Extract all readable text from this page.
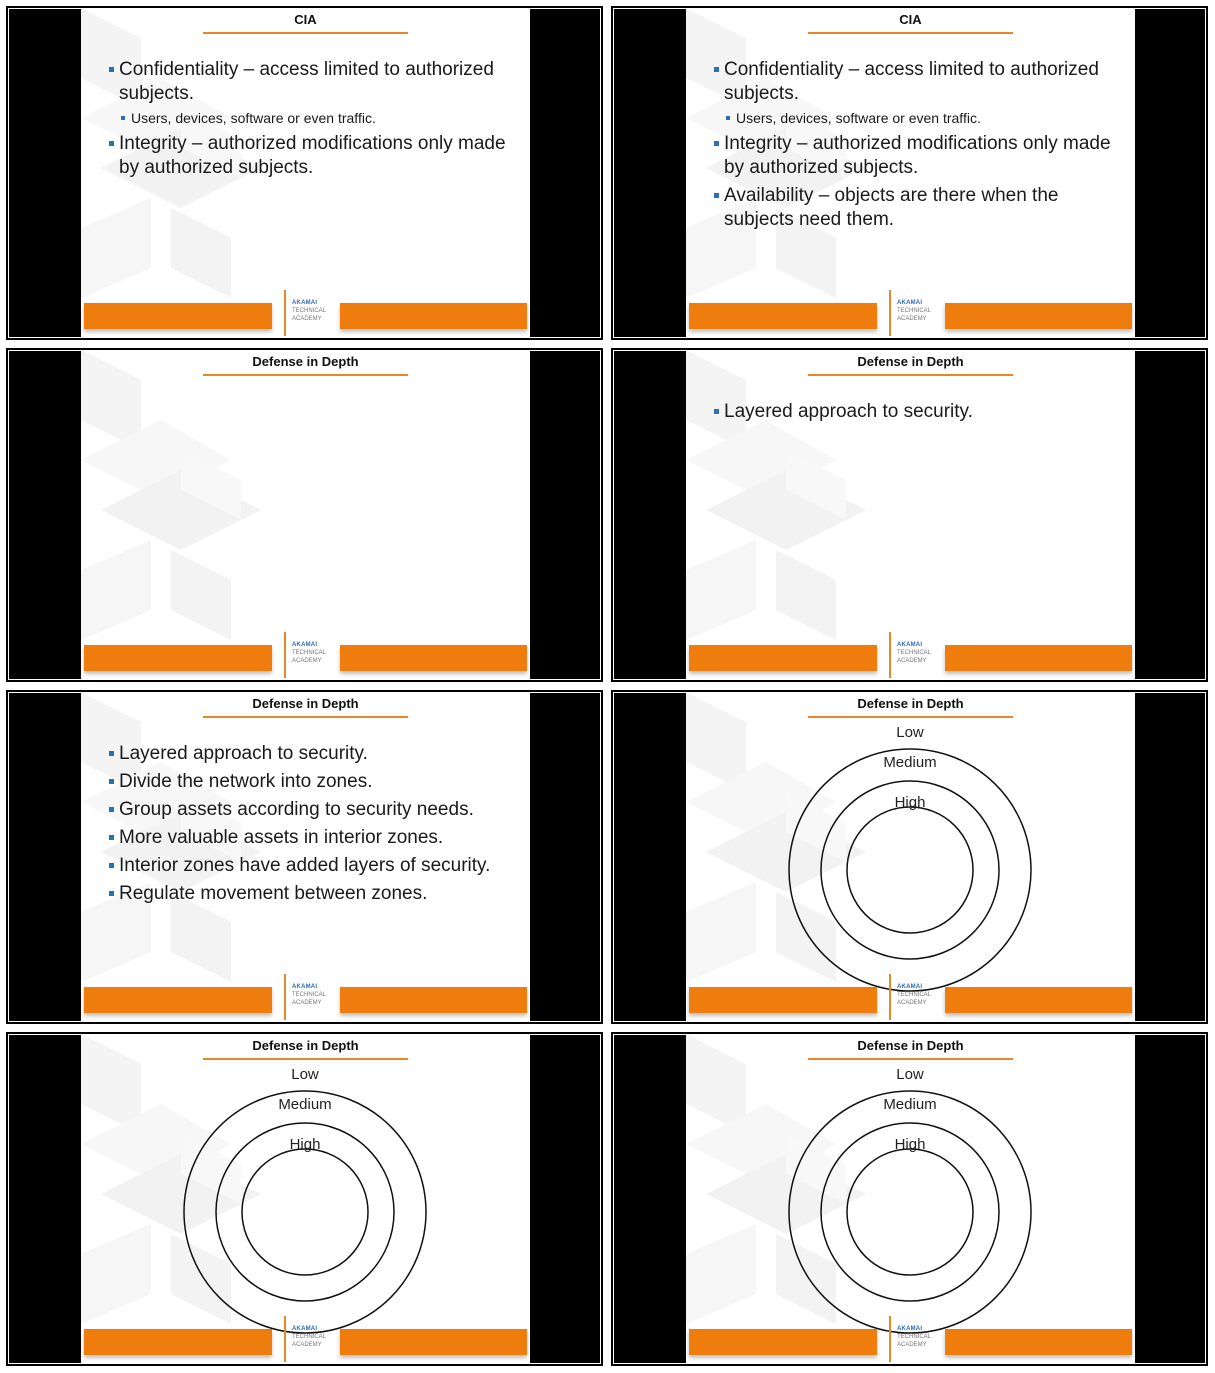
CIA
Confidentiality – access limited to authorized subjects.
Users, devices, software or even traffic.
Integrity – authorized modifications only made by authorized subjects.
AKAMAI
TECHNICAL
ACADEMY
CIA
Confidentiality – access limited to authorized subjects.
Users, devices, software or even traffic.
Integrity – authorized modifications only made by authorized subjects.
Availability – objects are there when the subjects need them.
AKAMAI
TECHNICAL
ACADEMY
Defense in Depth
AKAMAI
TECHNICAL
ACADEMY
Defense in Depth
Layered approach to security.
AKAMAI
TECHNICAL
ACADEMY
Defense in Depth
Layered approach to security.
Divide the network into zones.
Group assets according to security needs.
More valuable assets in interior zones.
Interior zones have added layers of security.
Regulate movement between zones.
AKAMAI
TECHNICAL
ACADEMY
Defense in Depth
Low
Medium
High
AKAMAI
TECHNICAL
ACADEMY
Defense in Depth
Low
Medium
High
AKAMAI
TECHNICAL
ACADEMY
Defense in Depth
Low
Medium
High
AKAMAI
TECHNICAL
ACADEMY
